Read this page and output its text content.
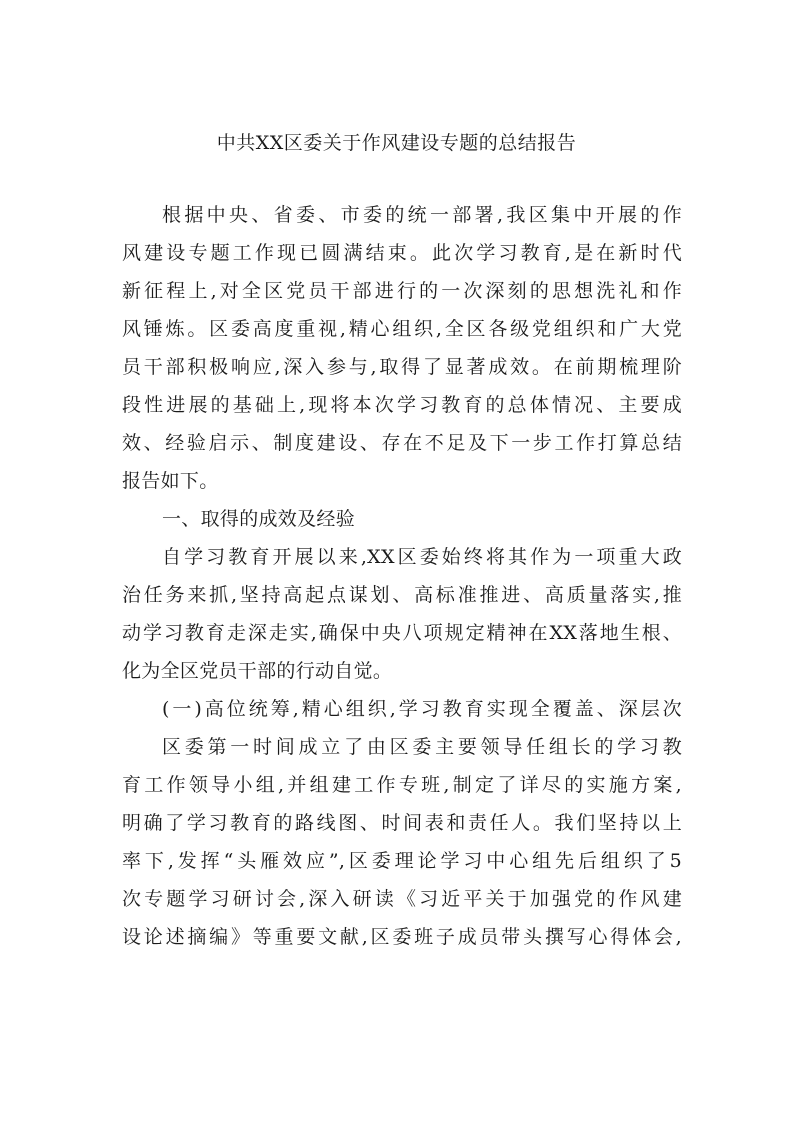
中共XX区委关于作风建设专题的总结报告
根据中央、省委、市委的统一部署,我区集中开展的作
风建设专题工作现已圆满结束。此次学习教育,是在新时代
新征程上,对全区党员干部进行的一次深刻的思想洗礼和作
风锤炼。区委高度重视,精心组织,全区各级党组织和广大党
员干部积极响应,深入参与,取得了显著成效。在前期梳理阶
段性进展的基础上,现将本次学习教育的总体情况、主要成
效、经验启示、制度建设、存在不足及下一步工作打算总结
报告如下。
一、取得的成效及经验
自学习教育开展以来,XX区委始终将其作为一项重大政
治任务来抓,坚持高起点谋划、高标准推进、高质量落实,推
动学习教育走深走实,确保中央八项规定精神在XX落地生根、
化为全区党员干部的行动自觉。
(一)高位统筹,精心组织,学习教育实现全覆盖、深层次
区委第一时间成立了由区委主要领导任组长的学习教
育工作领导小组,并组建工作专班,制定了详尽的实施方案,
明确了学习教育的路线图、时间表和责任人。我们坚持以上
率下,发挥“头雁效应”,区委理论学习中心组先后组织了5
次专题学习研讨会,深入研读《习近平关于加强党的作风建
设论述摘编》等重要文献,区委班子成员带头撰写心得体会,
